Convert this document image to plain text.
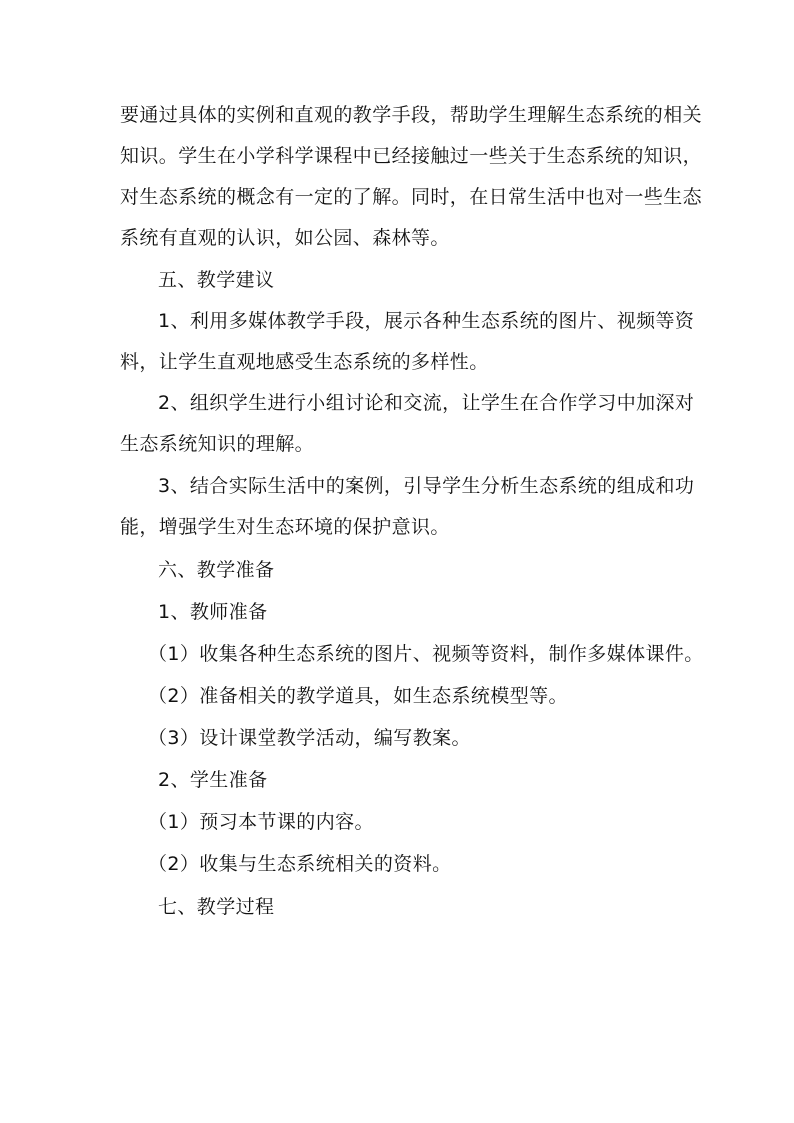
要通过具体的实例和直观的教学手段，帮助学生理解生态系统的相关
知识。学生在小学科学课程中已经接触过一些关于生态系统的知识，
对生态系统的概念有一定的了解。同时，在日常生活中也对一些生态
系统有直观的认识，如公园、森林等。
五、教学建议
1、利用多媒体教学手段，展示各种生态系统的图片、视频等资
料，让学生直观地感受生态系统的多样性。
2、组织学生进行小组讨论和交流，让学生在合作学习中加深对
生态系统知识的理解。
3、结合实际生活中的案例，引导学生分析生态系统的组成和功
能，增强学生对生态环境的保护意识。
六、教学准备
1、教师准备
（1）收集各种生态系统的图片、视频等资料，制作多媒体课件。
（2）准备相关的教学道具，如生态系统模型等。
（3）设计课堂教学活动，编写教案。
2、学生准备
（1）预习本节课的内容。
（2）收集与生态系统相关的资料。
七、教学过程
